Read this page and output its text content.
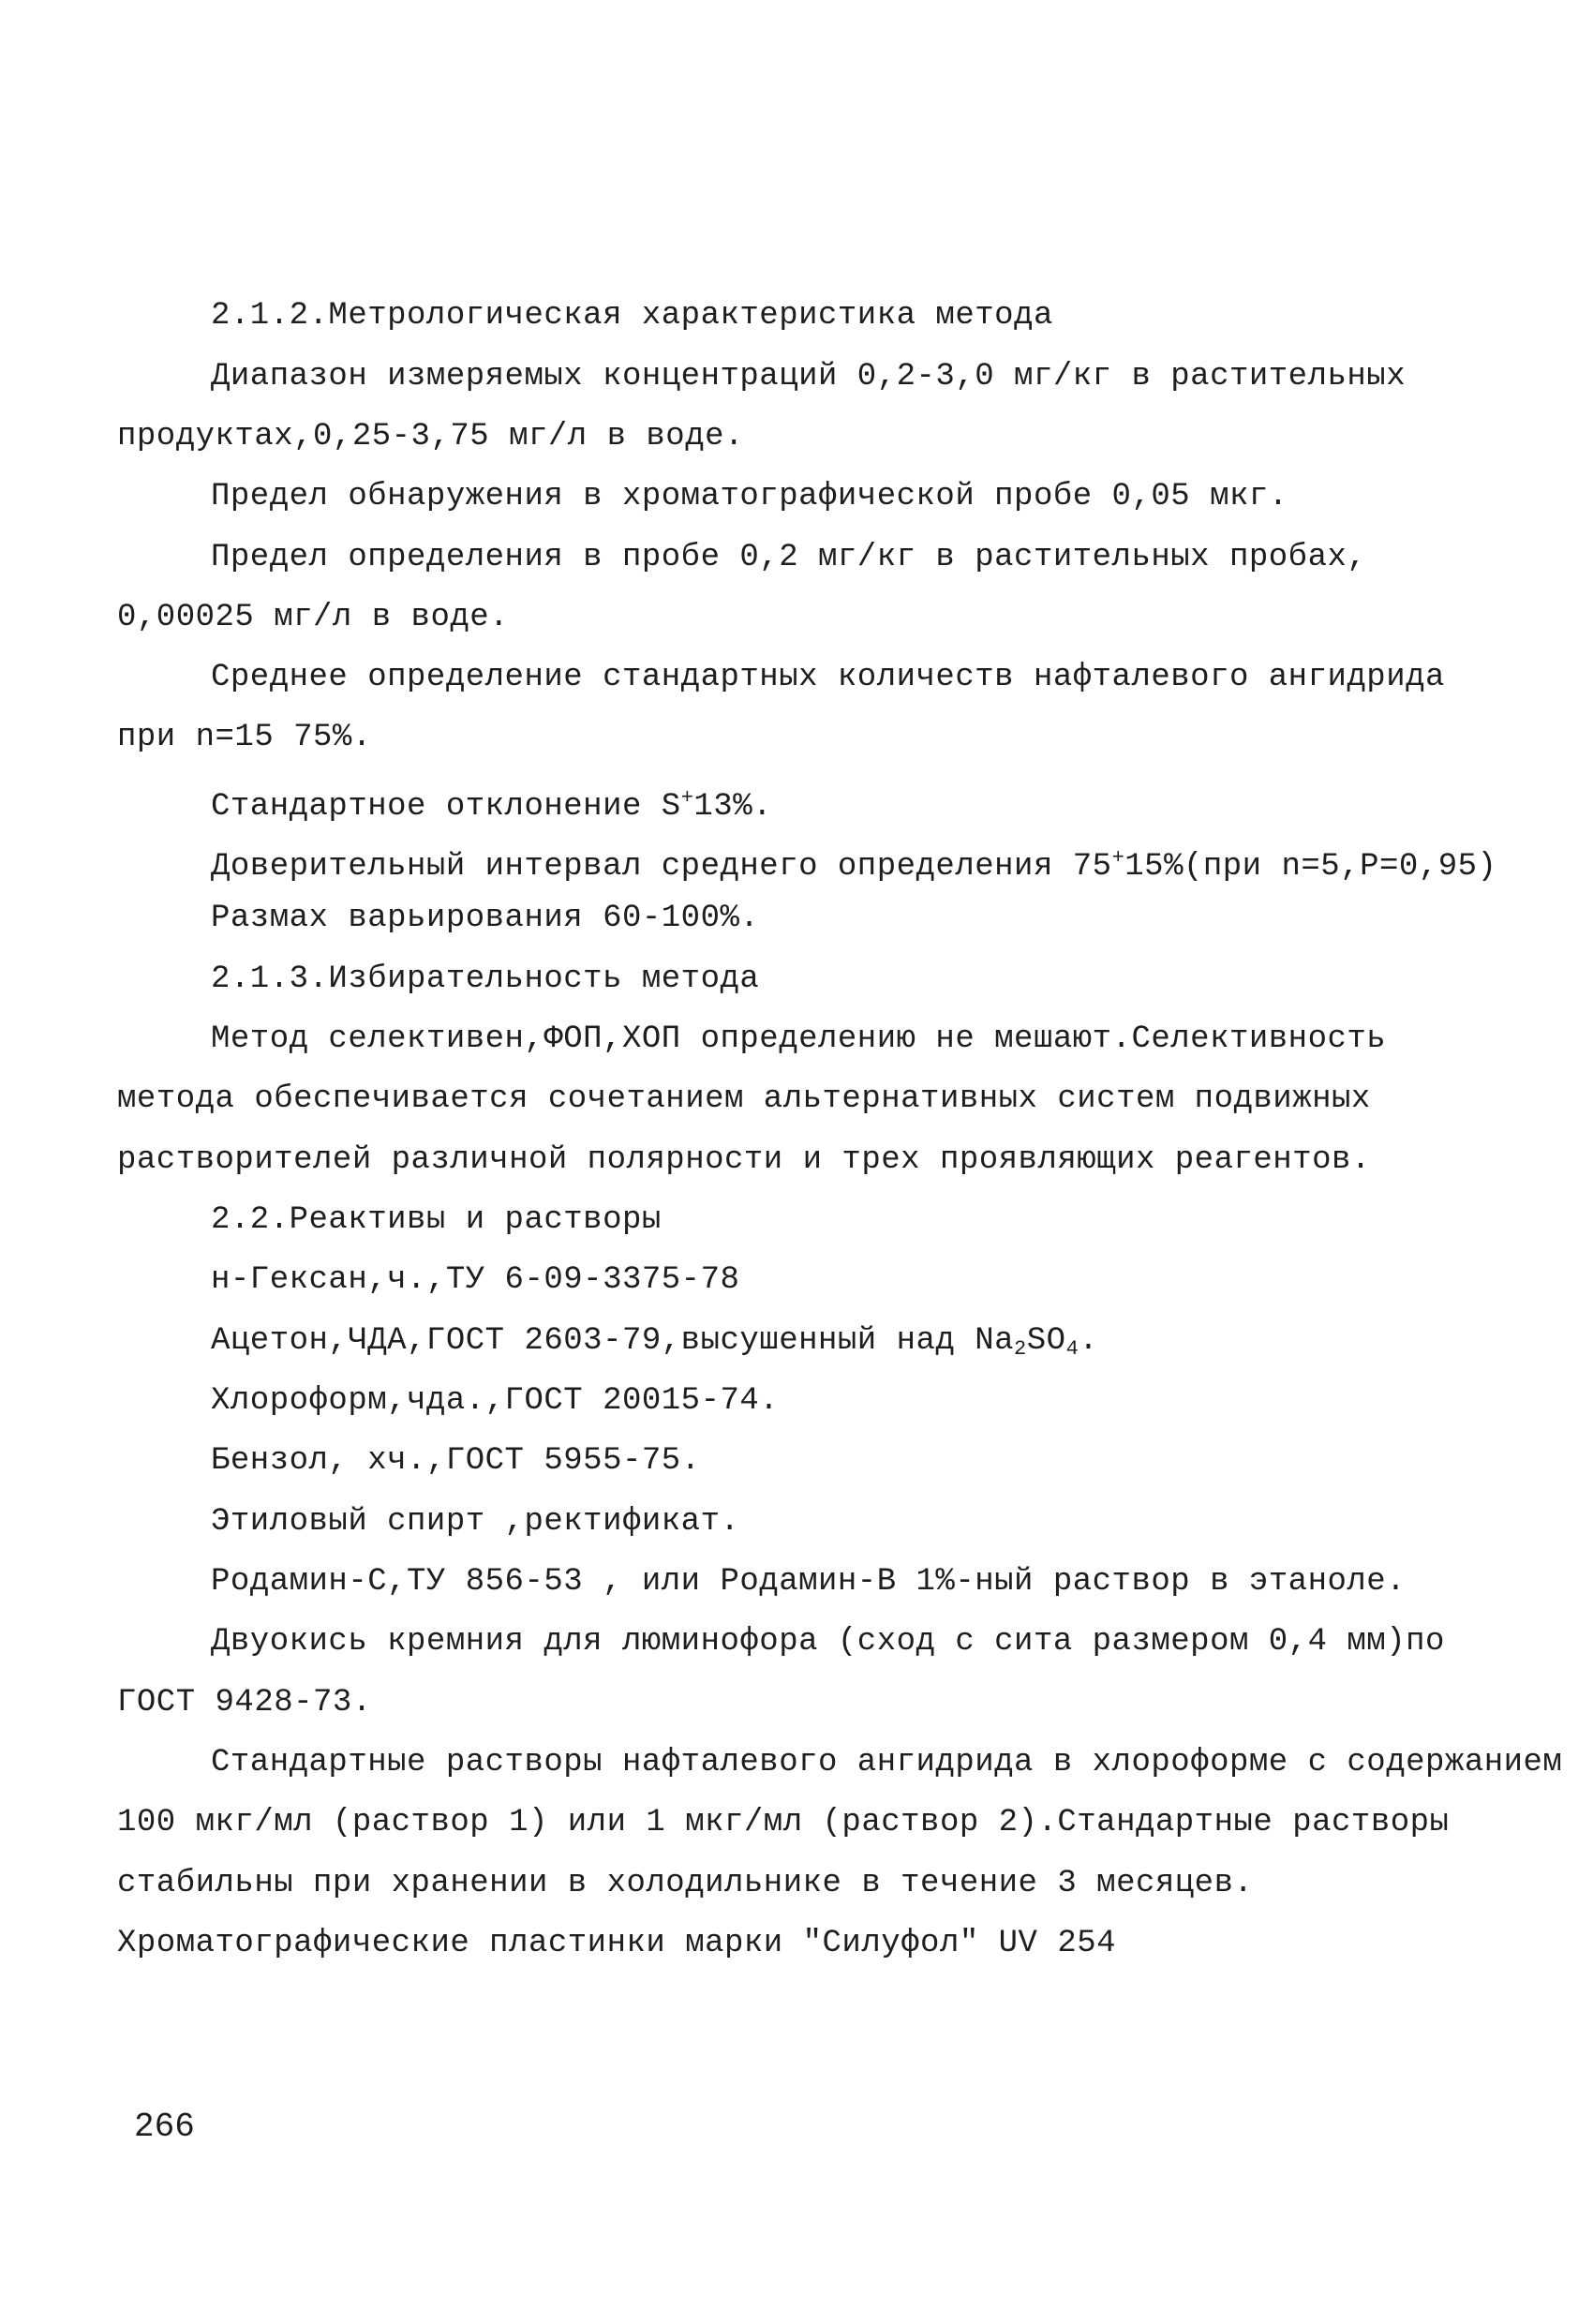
2.1.2.Метрологическая характеристика метода
Диапазон измеряемых концентраций 0,2-3,0 мг/кг в растительных
продуктах,0,25-3,75 мг/л в воде.
Предел обнаружения в хроматографической пробе 0,05 мкг.
Предел определения в пробе 0,2 мг/кг в растительных пробах,
0,00025 мг/л в воде.
Среднее определение стандартных количеств нафталевого ангидрида
при n=15 75%.
Стандартное отклонение S+13%.
Доверительный интервал среднего определения 75+15%(при n=5,P=0,95)
Размах варьирования 60-100%.
2.1.3.Избирательность метода
Метод селективен,ФОП,ХОП определению не мешают.Селективность
метода обеспечивается сочетанием альтернативных систем подвижных
растворителей различной полярности и трех проявляющих реагентов.
2.2.Реактивы и растворы
н-Гексан,ч.,ТУ 6-09-3375-78
Ацетон,ЧДА,ГОСТ 2603-79,высушенный над $Na_2SO_4$.
Хлороформ,чда.,ГОСТ 20015-74.
Бензол, хч.,ГОСТ 5955-75.
Этиловый спирт ,ректификат.
Родамин-С,ТУ 856-53 , или Родамин-В 1%-ный раствор в этаноле.
Двуокись кремния для люминофора (сход с сита размером 0,4 мм)по
ГОСТ 9428-73.
Стандартные растворы нафталевого ангидрида в хлороформе с содержанием
100 мкг/мл (раствор 1) или 1 мкг/мл (раствор 2).Стандартные растворы
стабильны при хранении в холодильнике в течение 3 месяцев.
Хроматографические пластинки марки "Силуфол" UV 254
266
